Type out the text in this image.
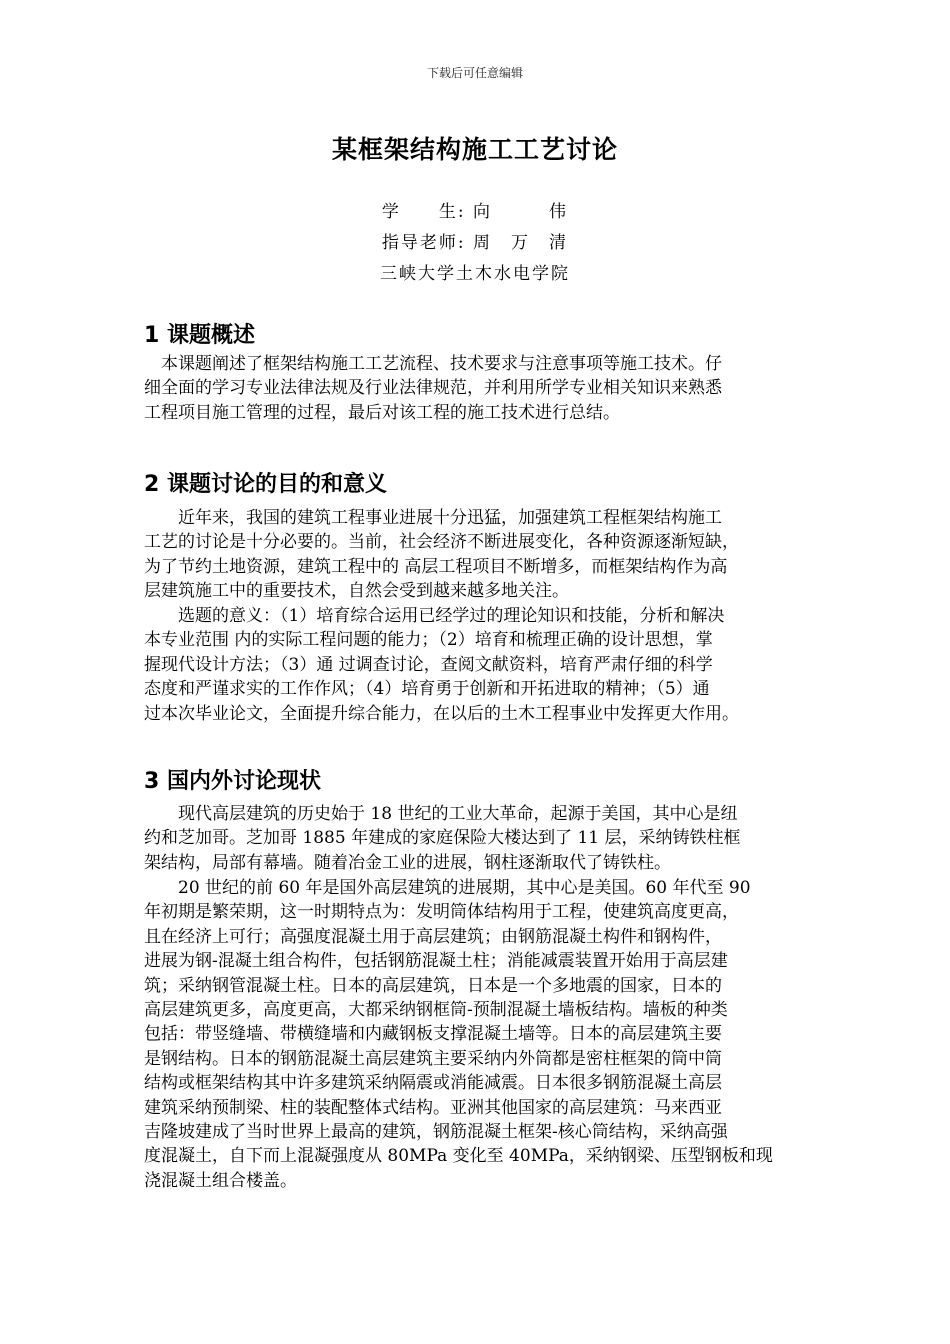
下载后可任意编辑
某框架结构施工工艺讨论
学　　生: 向　　　伟
指导老师: 周　万　清
三峡大学土木水电学院
1 课题概述
　本课题阐述了框架结构施工工艺流程、技术要求与注意事项等施工技术。仔
细全面的学习专业法律法规及行业法律规范，并利用所学专业相关知识来熟悉
工程项目施工管理的过程，最后对该工程的施工技术进行总结。
2 课题讨论的目的和意义
　　近年来，我国的建筑工程事业进展十分迅猛，加强建筑工程框架结构施工
工艺的讨论是十分必要的。当前，社会经济不断进展变化，各种资源逐渐短缺，
为了节约土地资源，建筑工程中的 高层工程项目不断增多，而框架结构作为高
层建筑施工中的重要技术，自然会受到越来越多地关注。
　　选题的意义：（1）培育综合运用已经学过的理论知识和技能，分析和解决
本专业范围 内的实际工程问题的能力；（2）培育和梳理正确的设计思想，掌
握现代设计方法；（3）通 过调查讨论，查阅文献资料，培育严肃仔细的科学
态度和严谨求实的工作作风；（4）培育勇于创新和开拓进取的精神；（5）通
过本次毕业论文，全面提升综合能力，在以后的土木工程事业中发挥更大作用。
3 国内外讨论现状
　　现代高层建筑的历史始于 18 世纪的工业大革命，起源于美国，其中心是纽
约和芝加哥。芝加哥 1885 年建成的家庭保险大楼达到了 11 层，采纳铸铁柱框
架结构，局部有幕墙。随着冶金工业的进展，钢柱逐渐取代了铸铁柱。
　　20 世纪的前 60 年是国外高层建筑的进展期，其中心是美国。60 年代至 90
年初期是繁荣期，这一时期特点为：发明筒体结构用于工程，使建筑高度更高，
且在经济上可行；高强度混凝土用于高层建筑；由钢筋混凝土构件和钢构件，
进展为钢-混凝土组合构件，包括钢筋混凝土柱；消能减震装置开始用于高层建
筑；采纳钢管混凝土柱。日本的高层建筑，日本是一个多地震的国家，日本的
高层建筑更多，高度更高，大都采纳钢框筒-预制混凝土墙板结构。墙板的种类
包括：带竖缝墙、带横缝墙和内藏钢板支撑混凝土墙等。日本的高层建筑主要
是钢结构。日本的钢筋混凝土高层建筑主要采纳内外筒都是密柱框架的筒中筒
结构或框架结构其中许多建筑采纳隔震或消能减震。日本很多钢筋混凝土高层
建筑采纳预制梁、柱的装配整体式结构。亚洲其他国家的高层建筑：马来西亚
吉隆坡建成了当时世界上最高的建筑，钢筋混凝土框架-核心筒结构，采纳高强
度混凝土，自下而上混凝强度从 80MPa 变化至 40MPa，采纳钢梁、压型钢板和现
浇混凝土组合楼盖。
